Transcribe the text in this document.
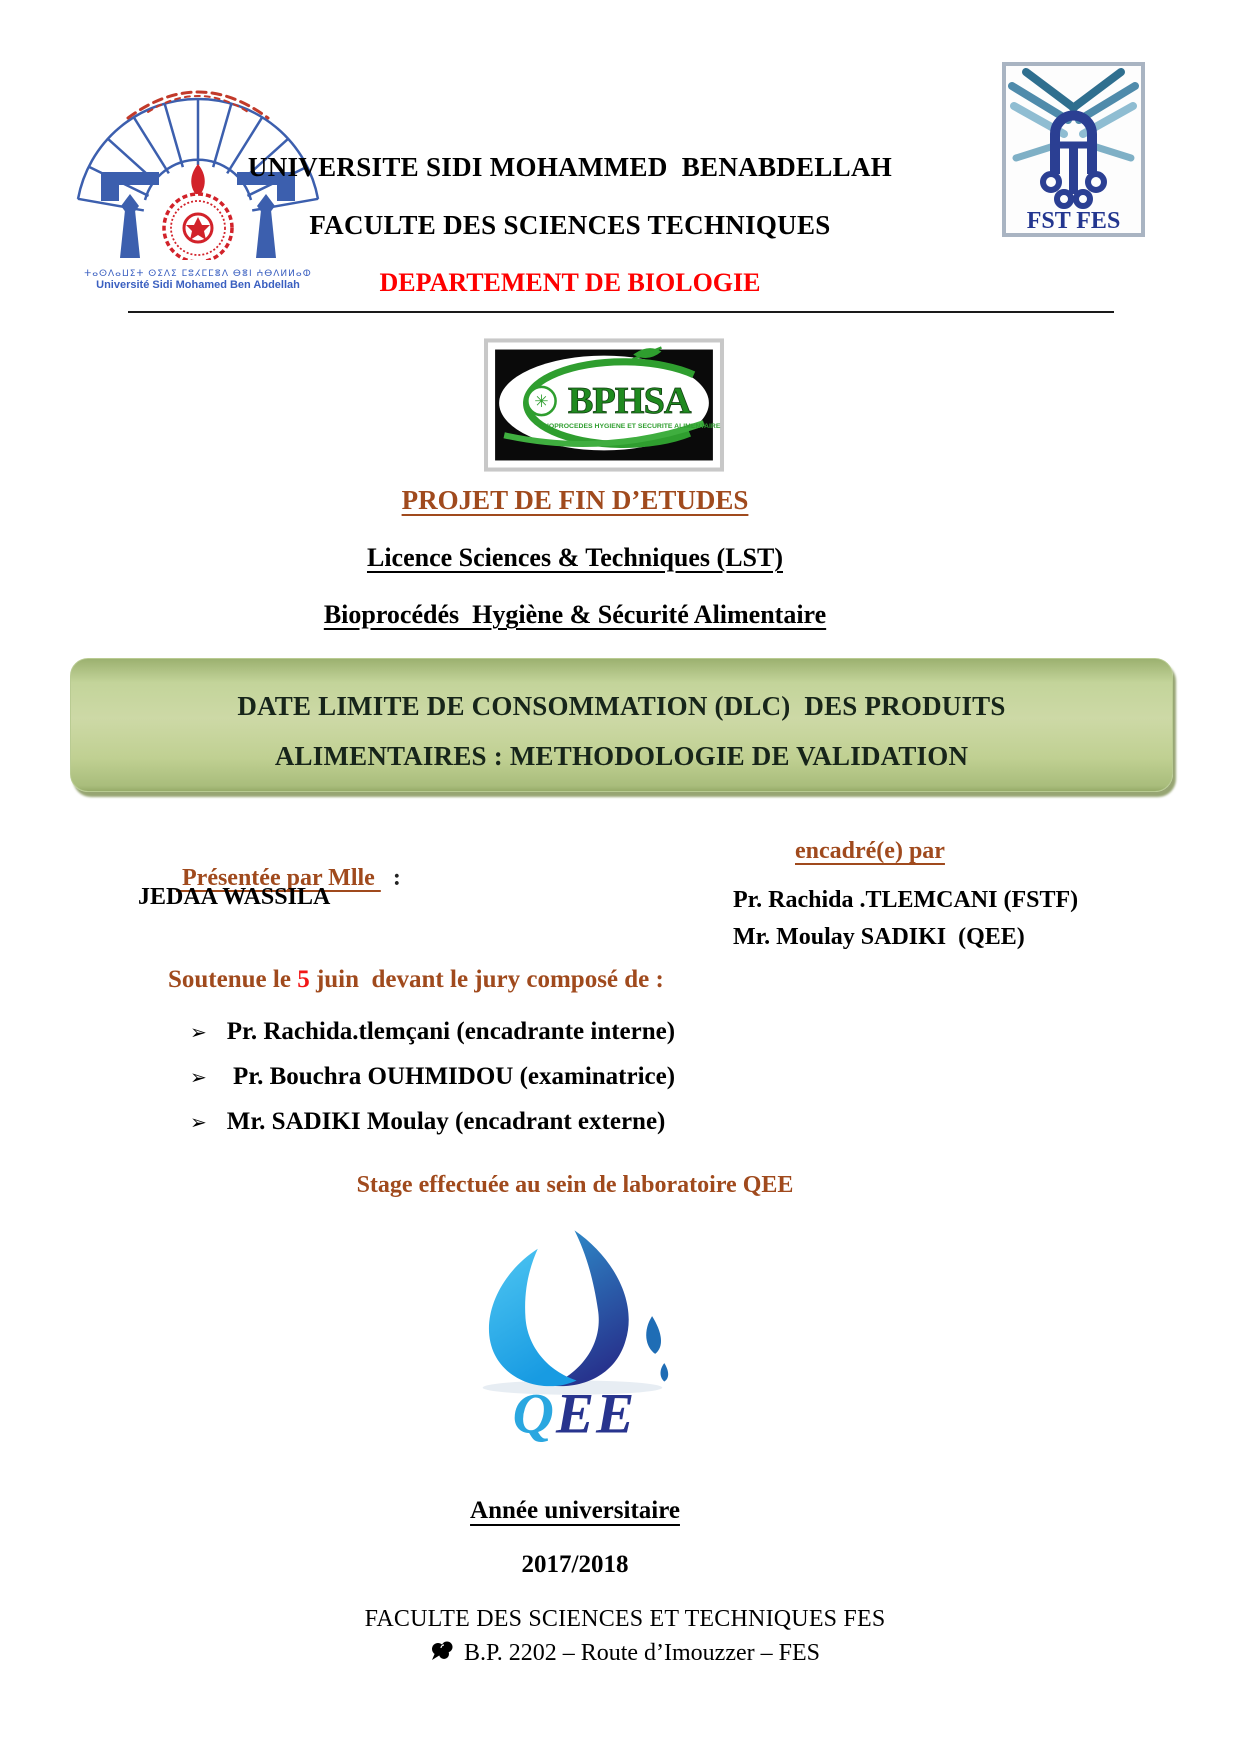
ⵜⴰⵙⴷⴰⵡⵉⵜ ⵙⵉⴷⵉ ⵎⵓⵃⵎⵎⴻⴷ ⴱⴻⵏ ⵄⴱⴷⵍⵍⴰⵀ
Université Sidi Mohamed Ben Abdellah
FST FES
UNIVERSITE SIDI MOHAMMED  BENABDELLAH
FACULTE DES SCIENCES TECHNIQUES
DEPARTEMENT DE BIOLOGIE
✳ BPHSA
BIOPROCEDES HYGIENE ET SECURITE ALIMENTAIRE
PROJET DE FIN D’ETUDES
Licence Sciences & Techniques (LST)
Bioprocédés  Hygiène & Sécurité Alimentaire
DATE LIMITE DE CONSOMMATION (DLC)  DES PRODUITS
ALIMENTAIRES : METHODOLOGIE DE VALIDATION

Présentée par Mlle   :

encadré(e) par
JEDAA WASSILA	Pr. Rachida .TLEMCANI (FSTF)
Mr. Moulay SADIKI  (QEE)
Soutenue le 5 juin  devant le jury composé de :
➢ Pr. Rachida.tlemçani (encadrante interne)
➢ Pr. Bouchra OUHMIDOU (examinatrice)
➢ Mr. SADIKI Moulay (encadrant externe)
Stage effectuée au sein de laboratoire QEE
QEE
Année universitaire
2017/2018
FACULTE DES SCIENCES ET TECHNIQUES FES
B.P. 2202 – Route d’Imouzzer – FES
